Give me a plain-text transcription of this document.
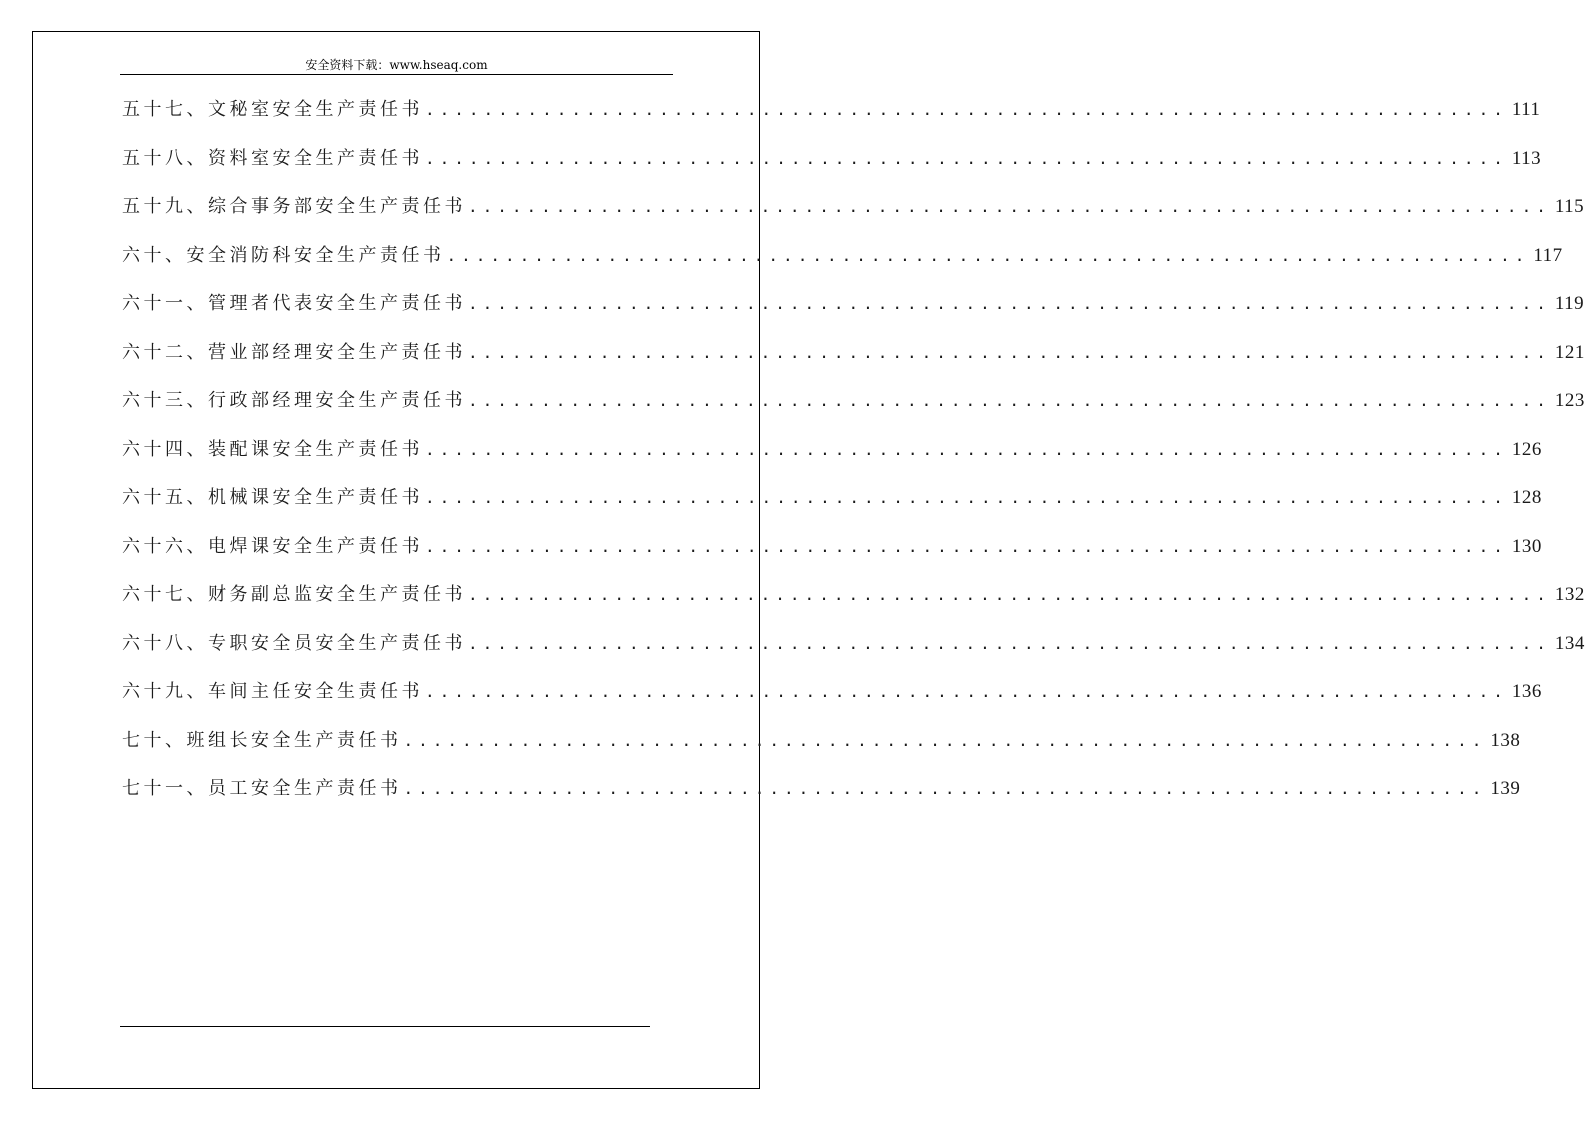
安全资料下载：www.hseaq.com
五十七、文秘室安全生产责任书 .......................................................................... 111
五十八、资料室安全生产责任书 .......................................................................... 113
五十九、综合事务部安全生产责任书 .......................................................................... 115
六十、安全消防科安全生产责任书 .......................................................................... 117
六十一、管理者代表安全生产责任书 .......................................................................... 119
六十二、营业部经理安全生产责任书 .......................................................................... 121
六十三、行政部经理安全生产责任书 .......................................................................... 123
六十四、装配课安全生产责任书 .......................................................................... 126
六十五、机械课安全生产责任书 .......................................................................... 128
六十六、电焊课安全生产责任书 .......................................................................... 130
六十七、财务副总监安全生产责任书 .......................................................................... 132
六十八、专职安全员安全生产责任书 .......................................................................... 134
六十九、车间主任安全生责任书 .......................................................................... 136
七十、班组长安全生产责任书 .......................................................................... 138
七十一、员工安全生产责任书 .......................................................................... 139
